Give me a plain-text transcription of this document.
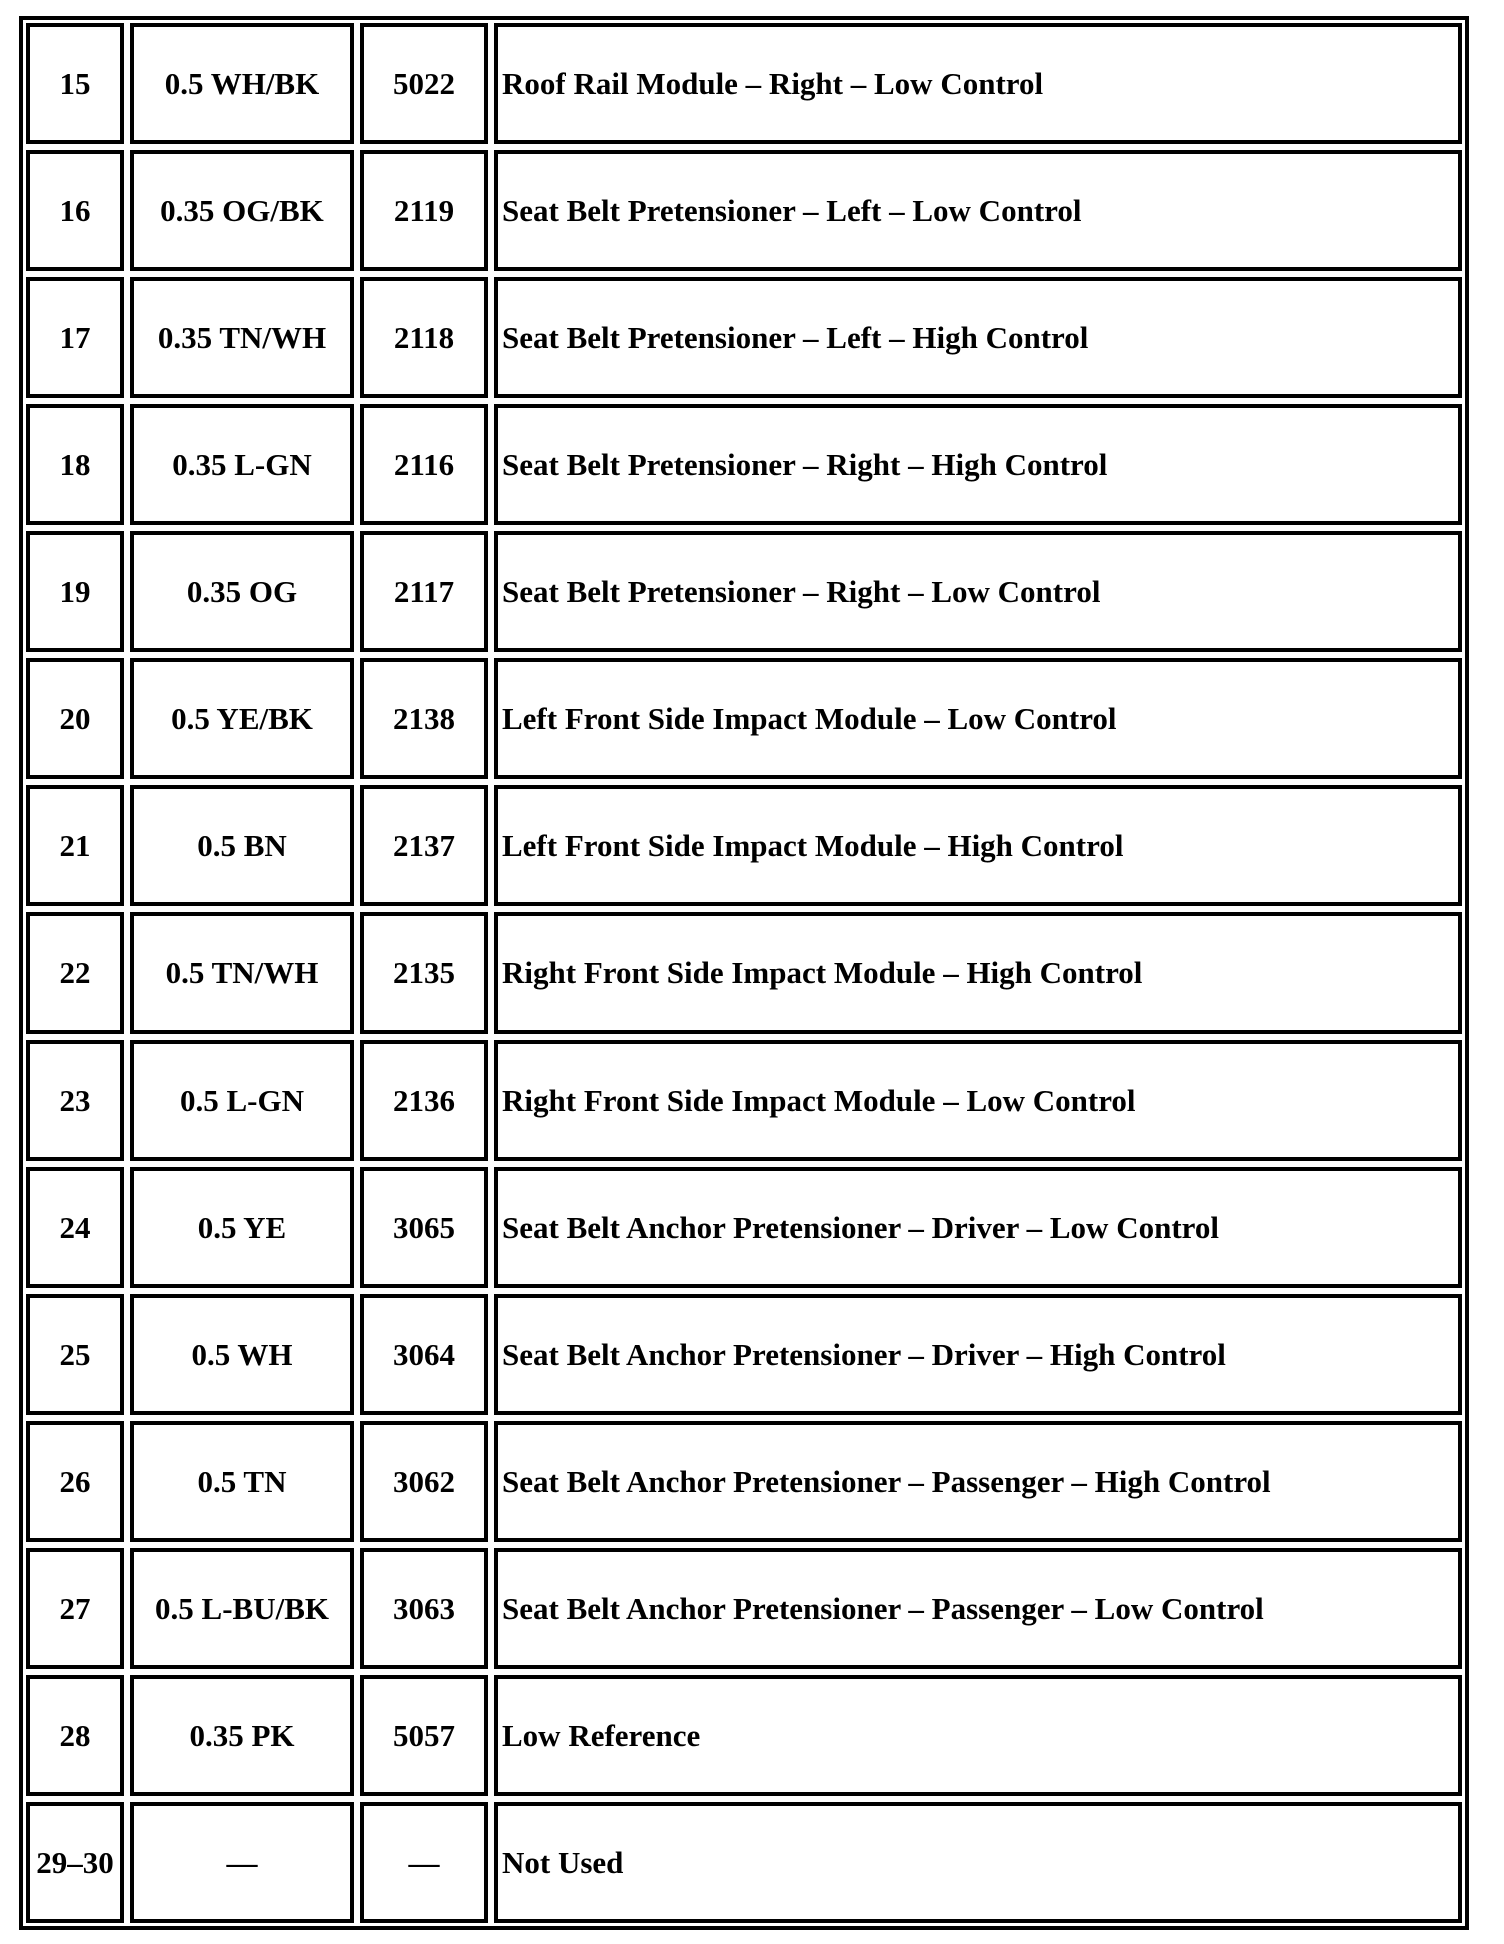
15	0.5 WH/BK	5022	Roof Rail Module – Right – Low Control
16	0.35 OG/BK	2119	Seat Belt Pretensioner – Left – Low Control
17	0.35 TN/WH	2118	Seat Belt Pretensioner – Left – High Control
18	0.35 L-GN	2116	Seat Belt Pretensioner – Right – High Control
19	0.35 OG	2117	Seat Belt Pretensioner – Right – Low Control
20	0.5 YE/BK	2138	Left Front Side Impact Module – Low Control
21	0.5 BN	2137	Left Front Side Impact Module – High Control
22	0.5 TN/WH	2135	Right Front Side Impact Module – High Control
23	0.5 L-GN	2136	Right Front Side Impact Module – Low Control
24	0.5 YE	3065	Seat Belt Anchor Pretensioner – Driver – Low Control
25	0.5 WH	3064	Seat Belt Anchor Pretensioner – Driver – High Control
26	0.5 TN	3062	Seat Belt Anchor Pretensioner – Passenger – High Control
27	0.5 L-BU/BK	3063	Seat Belt Anchor Pretensioner – Passenger – Low Control
28	0.35 PK	5057	Low Reference
29–30	—	—	Not Used
